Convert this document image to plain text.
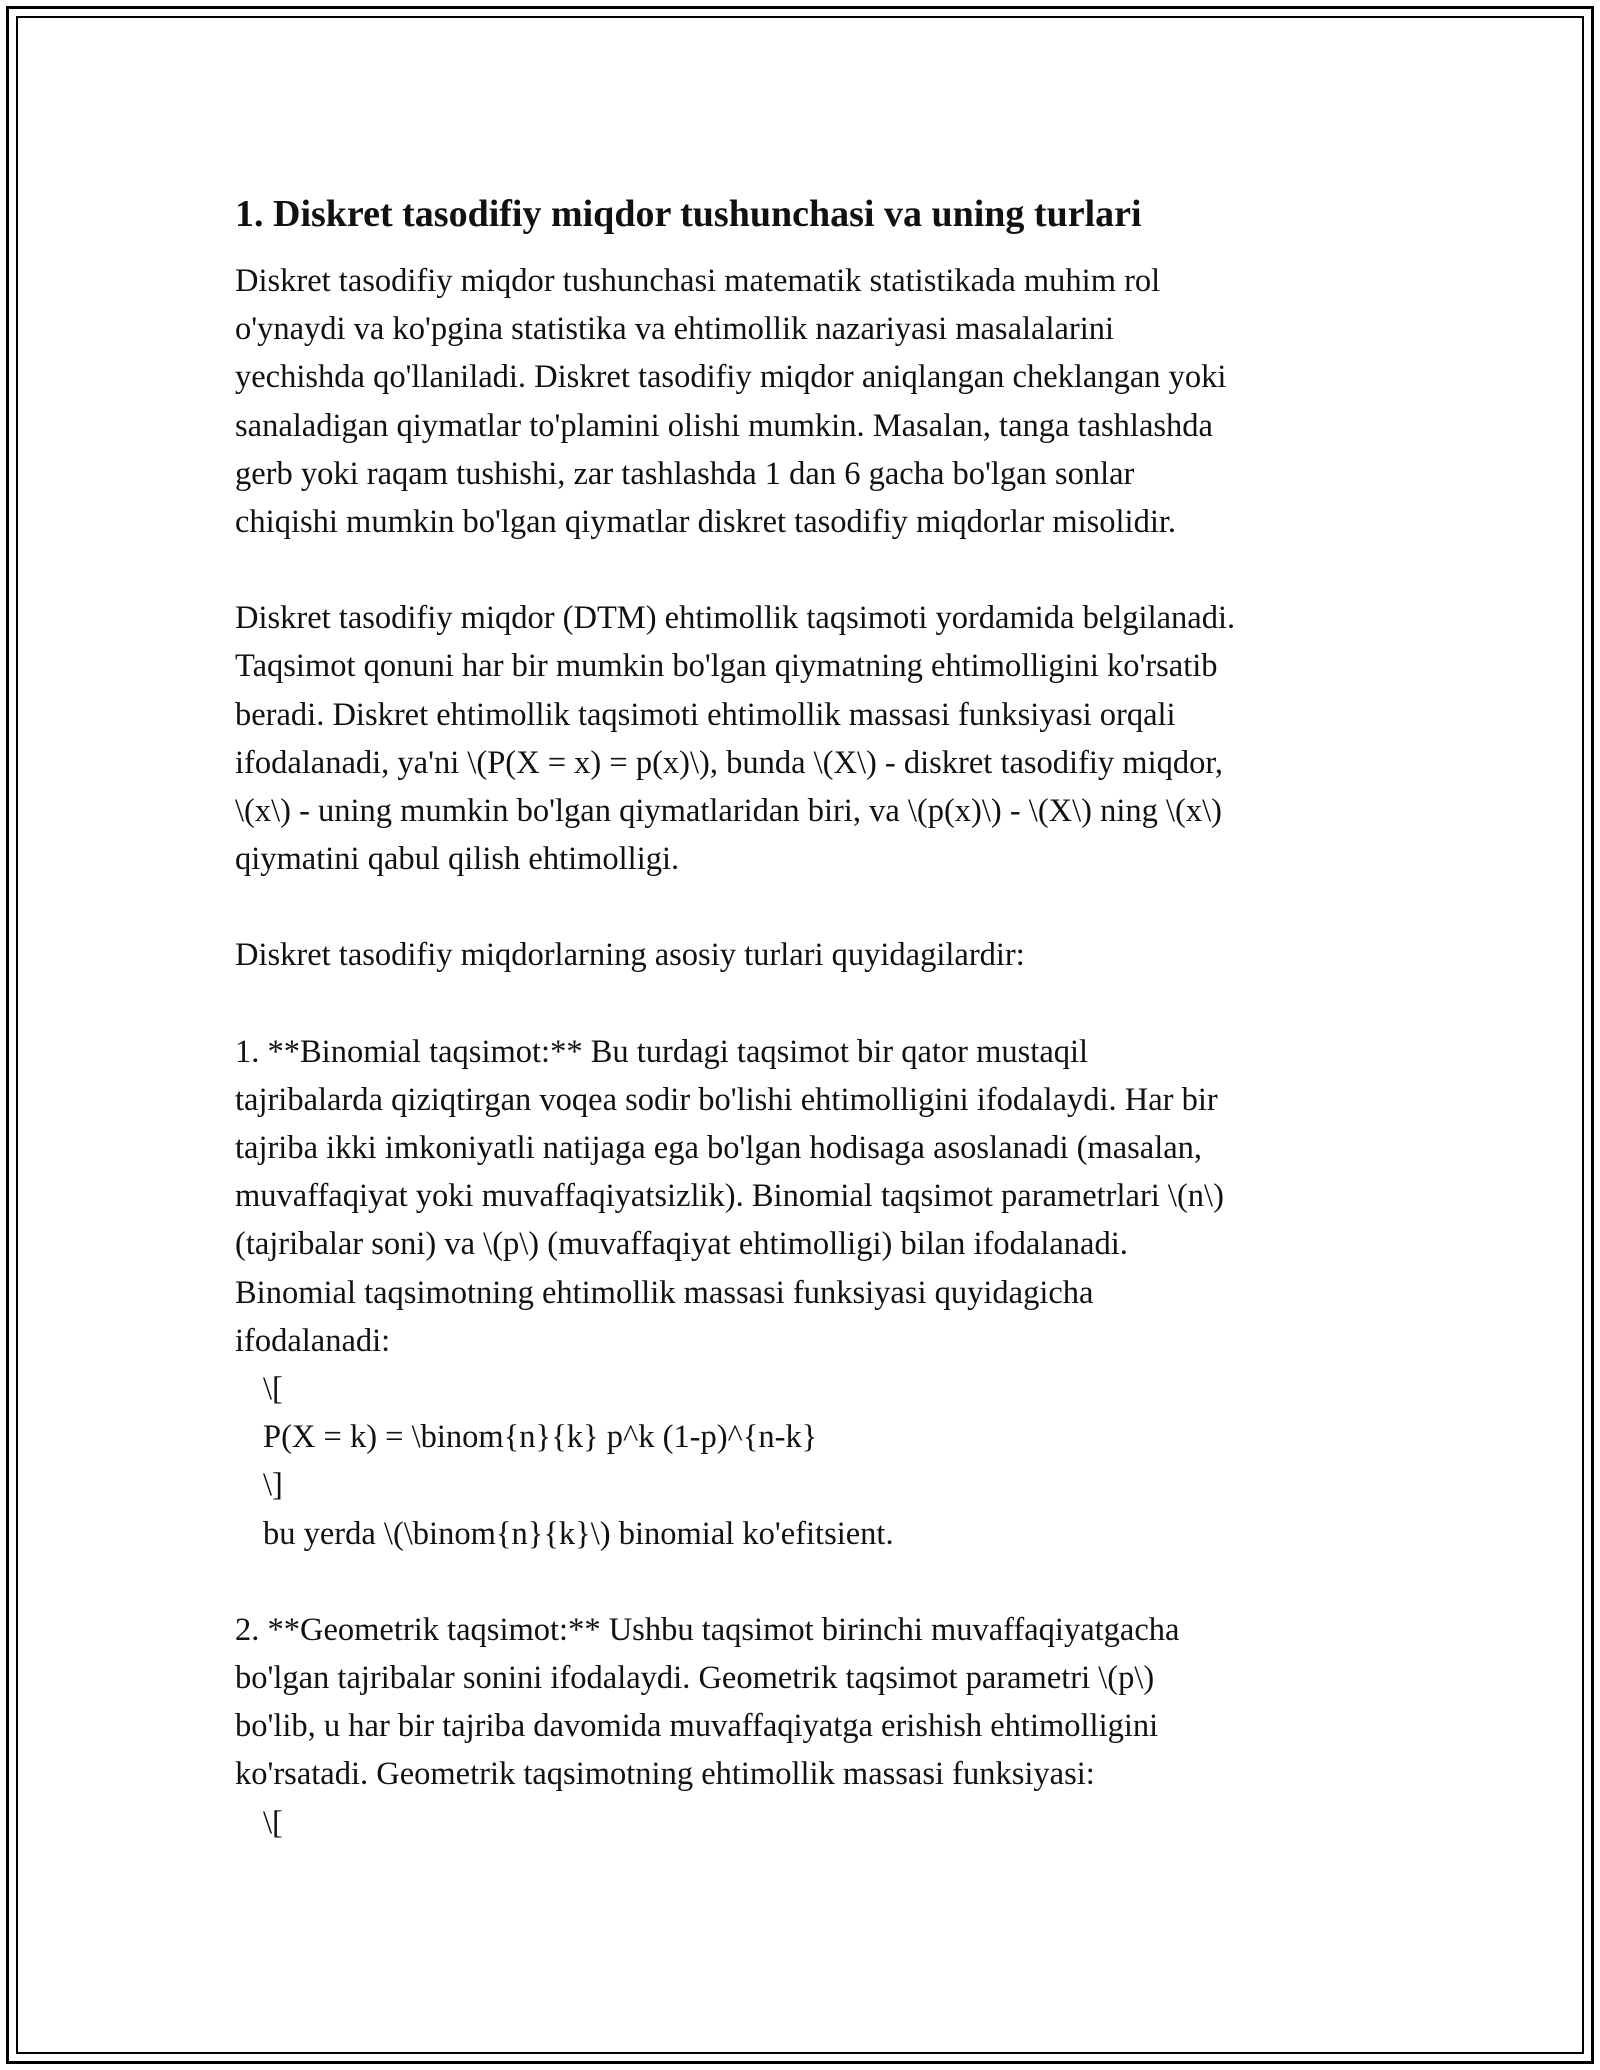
1. Diskret tasodifiy miqdor tushunchasi va uning turlari

Diskret tasodifiy miqdor tushunchasi matematik statistikada muhim rol
o'ynaydi va ko'pgina statistika va ehtimollik nazariyasi masalalarini
yechishda qo'llaniladi. Diskret tasodifiy miqdor aniqlangan cheklangan yoki
sanaladigan qiymatlar to'plamini olishi mumkin. Masalan, tanga tashlashda
gerb yoki raqam tushishi, zar tashlashda 1 dan 6 gacha bo'lgan sonlar
chiqishi mumkin bo'lgan qiymatlar diskret tasodifiy miqdorlar misolidir.

Diskret tasodifiy miqdor (DTM) ehtimollik taqsimoti yordamida belgilanadi.
Taqsimot qonuni har bir mumkin bo'lgan qiymatning ehtimolligini ko'rsatib
beradi. Diskret ehtimollik taqsimoti ehtimollik massasi funksiyasi orqali
ifodalanadi, ya'ni \(P(X = x) = p(x)\), bunda \(X\) - diskret tasodifiy miqdor,
\(x\) - uning mumkin bo'lgan qiymatlaridan biri, va \(p(x)\) - \(X\) ning \(x\)
qiymatini qabul qilish ehtimolligi.

Diskret tasodifiy miqdorlarning asosiy turlari quyidagilardir:

1. **Binomial taqsimot:** Bu turdagi taqsimot bir qator mustaqil
tajribalarda qiziqtirgan voqea sodir bo'lishi ehtimolligini ifodalaydi. Har bir
tajriba ikki imkoniyatli natijaga ega bo'lgan hodisaga asoslanadi (masalan,
muvaffaqiyat yoki muvaffaqiyatsizlik). Binomial taqsimot parametrlari \(n\)
(tajribalar soni) va \(p\) (muvaffaqiyat ehtimolligi) bilan ifodalanadi.
Binomial taqsimotning ehtimollik massasi funksiyasi quyidagicha
ifodalanadi:

\[
P(X = k) = \binom{n}{k} p^k (1-p)^{n-k}
\]
bu yerda \(\binom{n}{k}\) binomial ko'efitsient.

2. **Geometrik taqsimot:** Ushbu taqsimot birinchi muvaffaqiyatgacha
bo'lgan tajribalar sonini ifodalaydi. Geometrik taqsimot parametri \(p\)
bo'lib, u har bir tajriba davomida muvaffaqiyatga erishish ehtimolligini
ko'rsatadi. Geometrik taqsimotning ehtimollik massasi funksiyasi:

\[
